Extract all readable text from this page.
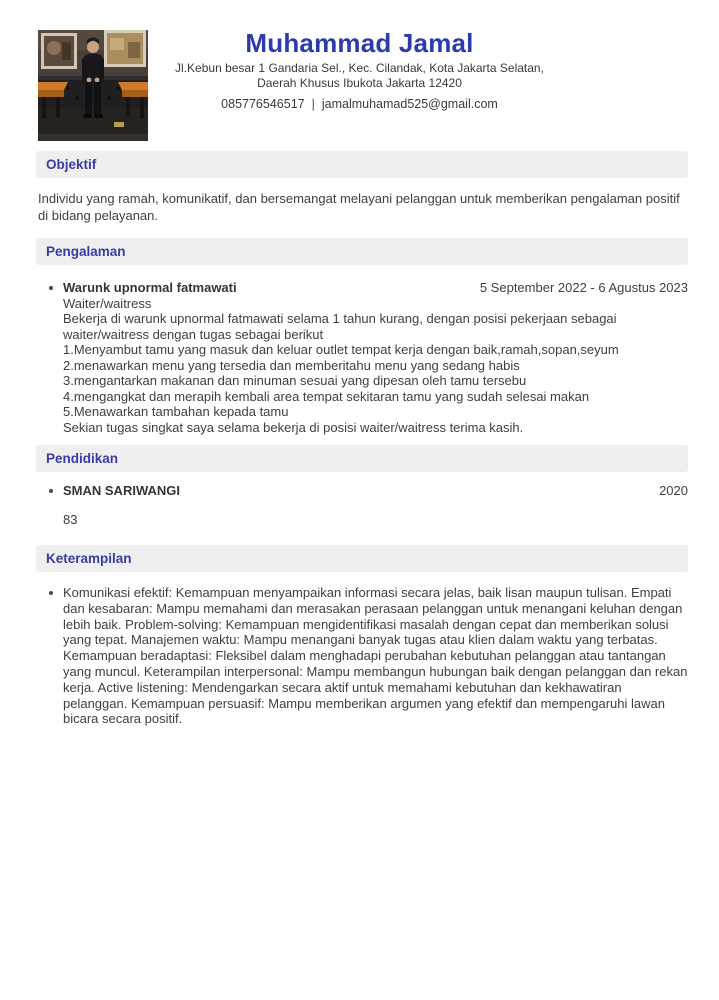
Muhammad Jamal
Jl.Kebun besar 1 Gandaria Sel., Kec. Cilandak, Kota Jakarta Selatan,
Daerah Khusus Ibukota Jakarta 12420
085776546517 | jamalmuhamad525@gmail.com
Objektif
Individu yang ramah, komunikatif, dan bersemangat melayani pelanggan untuk memberikan pengalaman positif di bidang pelayanan.
Pengalaman
Warunk upnormal fatmawati	5 September 2022 - 6 Agustus 2023
Waiter/waitress
Bekerja di warunk upnormal fatmawati selama 1 tahun kurang, dengan posisi pekerjaan sebagai waiter/waitress dengan tugas sebagai berikut
1.Menyambut tamu yang masuk dan keluar outlet tempat kerja dengan baik,ramah,sopan,seyum
2.menawarkan menu yang tersedia dan memberitahu menu yang sedang habis
3.mengantarkan makanan dan minuman sesuai yang dipesan oleh tamu tersebu
4.mengangkat dan merapih kembali area tempat sekitaran tamu yang sudah selesai makan
5.Menawarkan tambahan kepada tamu
Sekian tugas singkat saya selama bekerja di posisi waiter/waitress terima kasih.
Pendidikan
SMAN SARIWANGI	2020
83
Keterampilan
Komunikasi efektif: Kemampuan menyampaikan informasi secara jelas, baik lisan maupun tulisan. Empati dan kesabaran: Mampu memahami dan merasakan perasaan pelanggan untuk menangani keluhan dengan lebih baik. Problem-solving: Kemampuan mengidentifikasi masalah dengan cepat dan memberikan solusi yang tepat. Manajemen waktu: Mampu menangani banyak tugas atau klien dalam waktu yang terbatas. Kemampuan beradaptasi: Fleksibel dalam menghadapi perubahan kebutuhan pelanggan atau tantangan yang muncul. Keterampilan interpersonal: Mampu membangun hubungan baik dengan pelanggan dan rekan kerja. Active listening: Mendengarkan secara aktif untuk memahami kebutuhan dan kekhawatiran pelanggan. Kemampuan persuasif: Mampu memberikan argumen yang efektif dan mempengaruhi lawan bicara secara positif.
